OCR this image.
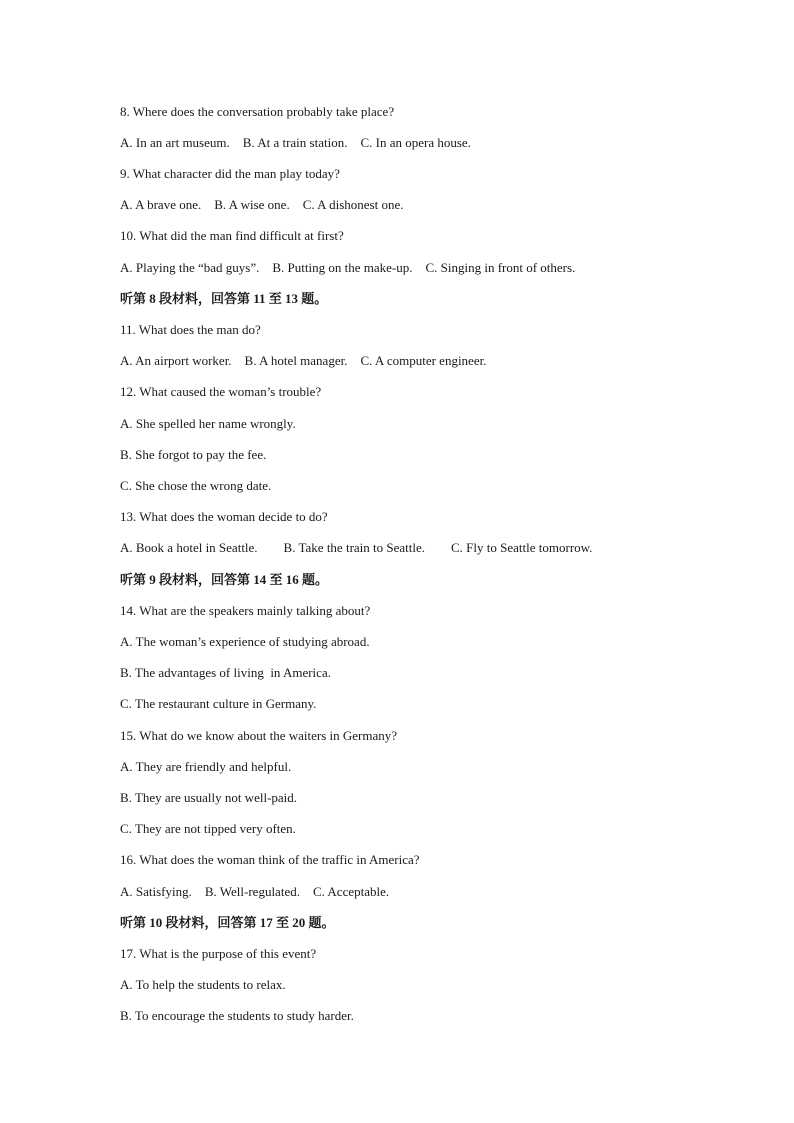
8. Where does the conversation probably take place?
A. In an art museum.    B. At a train station.    C. In an opera house.
9. What character did the man play today?
A. A brave one.    B. A wise one.    C. A dishonest one.
10. What did the man find difficult at first?
A. Playing the “bad guys”.    B. Putting on the make-up.    C. Singing in front of others.
听第 8 段材料，回答第 11 至 13 题。
11. What does the man do?
A. An airport worker.    B. A hotel manager.    C. A computer engineer.
12. What caused the woman’s trouble?
A. She spelled her name wrongly.
B. She forgot to pay the fee.
C. She chose the wrong date.
13. What does the woman decide to do?
A. Book a hotel in Seattle.        B. Take the train to Seattle.        C. Fly to Seattle tomorrow.
听第 9 段材料，回答第 14 至 16 题。
14. What are the speakers mainly talking about?
A. The woman’s experience of studying abroad.
B. The advantages of living  in America.
C. The restaurant culture in Germany.
15. What do we know about the waiters in Germany?
A. They are friendly and helpful.
B. They are usually not well-paid.
C. They are not tipped very often.
16. What does the woman think of the traffic in America?
A. Satisfying.    B. Well-regulated.    C. Acceptable.
听第 10 段材料，回答第 17 至 20 题。
17. What is the purpose of this event?
A. To help the students to relax.
B. To encourage the students to study harder.
